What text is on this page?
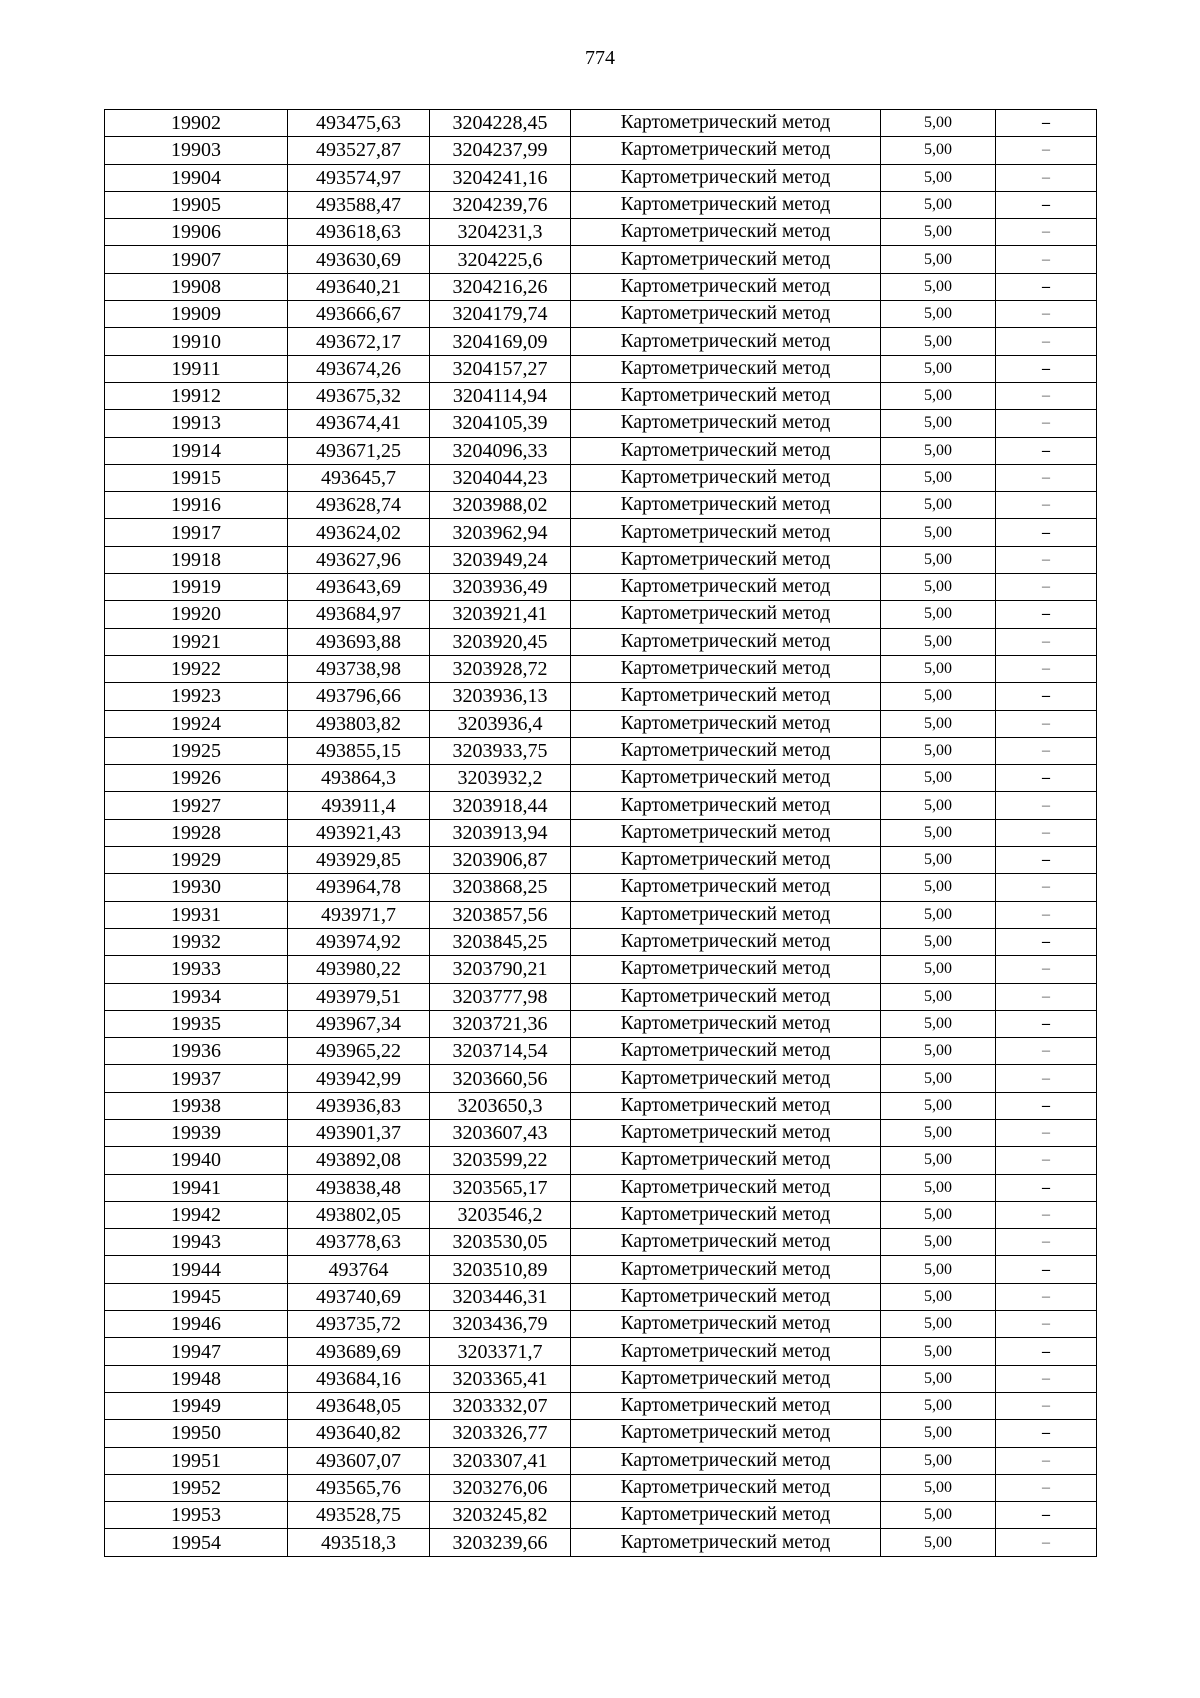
774
19902	493475,63	3204228,45	Картометрический метод	5,00	–
19903	493527,87	3204237,99	Картометрический метод	5,00	–
19904	493574,97	3204241,16	Картометрический метод	5,00	–
19905	493588,47	3204239,76	Картометрический метод	5,00	–
19906	493618,63	3204231,3	Картометрический метод	5,00	–
19907	493630,69	3204225,6	Картометрический метод	5,00	–
19908	493640,21	3204216,26	Картометрический метод	5,00	–
19909	493666,67	3204179,74	Картометрический метод	5,00	–
19910	493672,17	3204169,09	Картометрический метод	5,00	–
19911	493674,26	3204157,27	Картометрический метод	5,00	–
19912	493675,32	3204114,94	Картометрический метод	5,00	–
19913	493674,41	3204105,39	Картометрический метод	5,00	–
19914	493671,25	3204096,33	Картометрический метод	5,00	–
19915	493645,7	3204044,23	Картометрический метод	5,00	–
19916	493628,74	3203988,02	Картометрический метод	5,00	–
19917	493624,02	3203962,94	Картометрический метод	5,00	–
19918	493627,96	3203949,24	Картометрический метод	5,00	–
19919	493643,69	3203936,49	Картометрический метод	5,00	–
19920	493684,97	3203921,41	Картометрический метод	5,00	–
19921	493693,88	3203920,45	Картометрический метод	5,00	–
19922	493738,98	3203928,72	Картометрический метод	5,00	–
19923	493796,66	3203936,13	Картометрический метод	5,00	–
19924	493803,82	3203936,4	Картометрический метод	5,00	–
19925	493855,15	3203933,75	Картометрический метод	5,00	–
19926	493864,3	3203932,2	Картометрический метод	5,00	–
19927	493911,4	3203918,44	Картометрический метод	5,00	–
19928	493921,43	3203913,94	Картометрический метод	5,00	–
19929	493929,85	3203906,87	Картометрический метод	5,00	–
19930	493964,78	3203868,25	Картометрический метод	5,00	–
19931	493971,7	3203857,56	Картометрический метод	5,00	–
19932	493974,92	3203845,25	Картометрический метод	5,00	–
19933	493980,22	3203790,21	Картометрический метод	5,00	–
19934	493979,51	3203777,98	Картометрический метод	5,00	–
19935	493967,34	3203721,36	Картометрический метод	5,00	–
19936	493965,22	3203714,54	Картометрический метод	5,00	–
19937	493942,99	3203660,56	Картометрический метод	5,00	–
19938	493936,83	3203650,3	Картометрический метод	5,00	–
19939	493901,37	3203607,43	Картометрический метод	5,00	–
19940	493892,08	3203599,22	Картометрический метод	5,00	–
19941	493838,48	3203565,17	Картометрический метод	5,00	–
19942	493802,05	3203546,2	Картометрический метод	5,00	–
19943	493778,63	3203530,05	Картометрический метод	5,00	–
19944	493764	3203510,89	Картометрический метод	5,00	–
19945	493740,69	3203446,31	Картометрический метод	5,00	–
19946	493735,72	3203436,79	Картометрический метод	5,00	–
19947	493689,69	3203371,7	Картометрический метод	5,00	–
19948	493684,16	3203365,41	Картометрический метод	5,00	–
19949	493648,05	3203332,07	Картометрический метод	5,00	–
19950	493640,82	3203326,77	Картометрический метод	5,00	–
19951	493607,07	3203307,41	Картометрический метод	5,00	–
19952	493565,76	3203276,06	Картометрический метод	5,00	–
19953	493528,75	3203245,82	Картометрический метод	5,00	–
19954	493518,3	3203239,66	Картометрический метод	5,00	–
